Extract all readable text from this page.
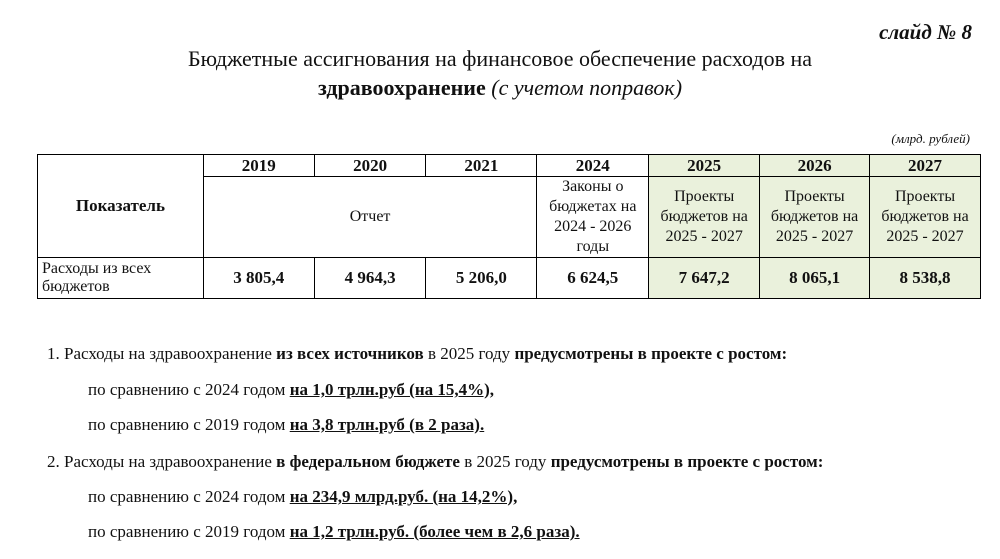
слайд № 8
Бюджетные ассигнования на финансовое обеспечение расходов на
здравоохранение (с учетом поправок)
(млрд. рублей)
Показатель	2019	2020	2021	2024	2025	2026	2027
	Отчет			Законы о бюджетах на 2024 - 2026 годы	Проекты бюджетов на 2025 - 2027	Проекты бюджетов на 2025 - 2027	Проекты бюджетов на 2025 - 2027
Расходы из всех бюджетов	3 805,4	4 964,3	5 206,0	6 624,5	7 647,2	8 065,1	8 538,8
1. Расходы на здравоохранение из всех источников в 2025 году предусмотрены в проекте с ростом:
по сравнению с 2024 годом на 1,0 трлн.руб (на 15,4%),
по сравнению с 2019 годом на 3,8 трлн.руб (в 2 раза).
2. Расходы на здравоохранение в федеральном бюджете в 2025 году предусмотрены в проекте с ростом:
по сравнению с 2024 годом на 234,9 млрд.руб. (на 14,2%),
по сравнению с 2019 годом на 1,2 трлн.руб. (более чем в 2,6 раза).
